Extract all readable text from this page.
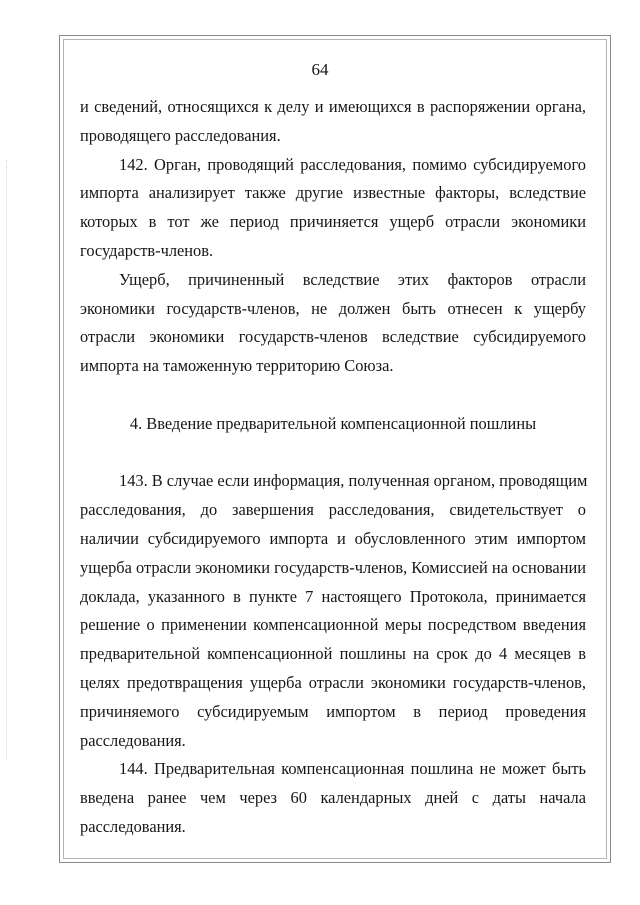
64
и сведений, относящихся к делу и имеющихся в распоряжении органа,
проводящего расследования.
142. Орган, проводящий расследования, помимо субсидируемого
импорта анализирует также другие известные факторы, вследствие
которых в тот же период причиняется ущерб отрасли экономики
государств-членов.
Ущерб, причиненный вследствие этих факторов отрасли
экономики государств-членов, не должен быть отнесен к ущербу
отрасли экономики государств-членов вследствие субсидируемого
импорта на таможенную территорию Союза.
4. Введение предварительной компенсационной пошлины
143. В случае если информация, полученная органом, проводящим
расследования, до завершения расследования, свидетельствует о
наличии субсидируемого импорта и обусловленного этим импортом
ущерба отрасли экономики государств-членов, Комиссией на основании
доклада, указанного в пункте 7 настоящего Протокола, принимается
решение о применении компенсационной меры посредством введения
предварительной компенсационной пошлины на срок до 4 месяцев в
целях предотвращения ущерба отрасли экономики государств-членов,
причиняемого субсидируемым импортом в период проведения
расследования.
144. Предварительная компенсационная пошлина не может быть
введена ранее чем через 60 календарных дней с даты начала
расследования.
